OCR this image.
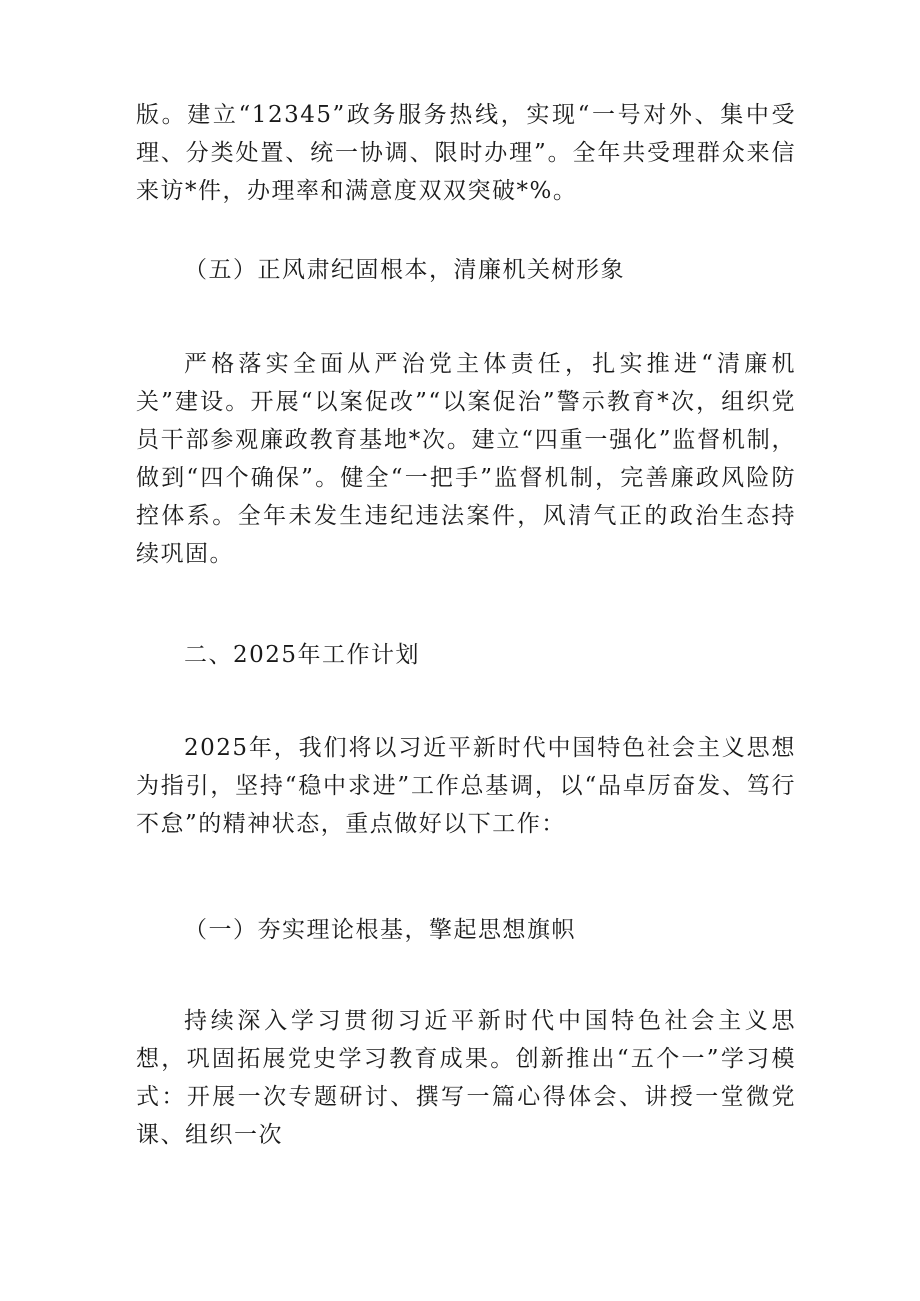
版。建立“12345”政务服务热线，实现“一号对外、集中受理、分类处置、统一协调、限时办理”。全年共受理群众来信来访*件，办理率和满意度双双突破*%。

（五）正风肃纪固根本，清廉机关树形象

严格落实全面从严治党主体责任，扎实推进“清廉机关”建设。开展“以案促改”“以案促治”警示教育*次，组织党员干部参观廉政教育基地*次。建立“四重一强化”监督机制，做到“四个确保”。健全“一把手”监督机制，完善廉政风险防控体系。全年未发生违纪违法案件，风清气正的政治生态持续巩固。

二、2025年工作计划

2025年，我们将以习近平新时代中国特色社会主义思想为指引，坚持“稳中求进”工作总基调，以“品卓厉奋发、笃行不怠”的精神状态，重点做好以下工作：

（一）夯实理论根基，擎起思想旗帜

持续深入学习贯彻习近平新时代中国特色社会主义思想，巩固拓展党史学习教育成果。创新推出“五个一”学习模式：开展一次专题研讨、撰写一篇心得体会、讲授一堂微党课、组织一次
